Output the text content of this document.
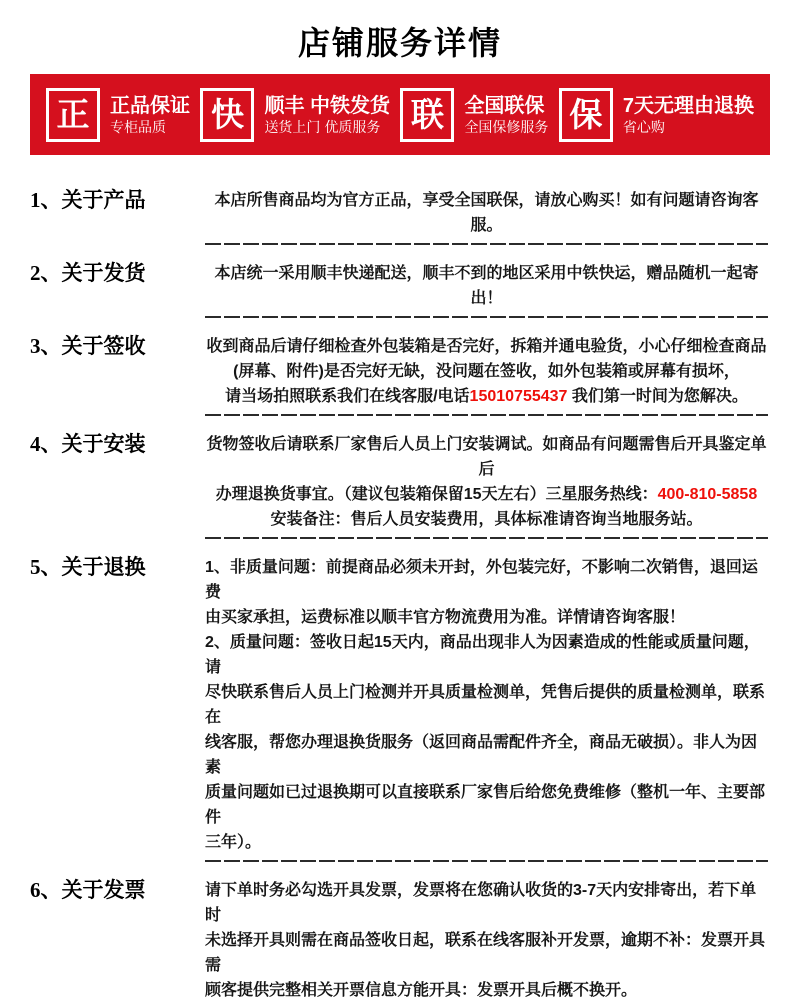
店铺服务详情
正 正品保证
专柜品质	快 顺丰 中铁发货
送货上门 优质服务 联 全国联保
全国保修服务 保 7天无理由退换
省心购
1、关于产品	本店所售商品均为官方正品，享受全国联保，请放心购买！如有问题请咨询客服。
2、关于发货	本店统一采用顺丰快递配送，顺丰不到的地区采用中铁快运，赠品随机一起寄出！
3、关于签收	收到商品后请仔细检查外包装箱是否完好，拆箱并通电验货，小心仔细检查商品
(屏幕、附件)是否完好无缺，没问题在签收，如外包装箱或屏幕有损坏，
请当场拍照联系我们在线客服/电话15010755437 我们第一时间为您解决。
4、关于安装	货物签收后请联系厂家售后人员上门安装调试。如商品有问题需售后开具鉴定单后
办理退换货事宜。（建议包装箱保留15天左右）三星服务热线：400-810-5858
安装备注：售后人员安装费用，具体标准请咨询当地服务站。
5、关于退换	1、非质量问题：前提商品必须未开封，外包装完好，不影响二次销售，退回运费
由买家承担，运费标准以顺丰官方物流费用为准。详情请咨询客服！
2、质量问题：签收日起15天内，商品出现非人为因素造成的性能或质量问题，请
尽快联系售后人员上门检测并开具质量检测单，凭售后提供的质量检测单，联系在
线客服，帮您办理退换货服务（返回商品需配件齐全，商品无破损）。非人为因素
质量问题如已过退换期可以直接联系厂家售后给您免费维修（整机一年、主要部件
三年）。
6、关于发票	请下单时务必勾选开具发票，发票将在您确认收货的3-7天内安排寄出，若下单时
未选择开具则需在商品签收日起，联系在线客服补开发票，逾期不补：发票开具需
顾客提供完整相关开票信息方能开具：发票开具后概不换开。
